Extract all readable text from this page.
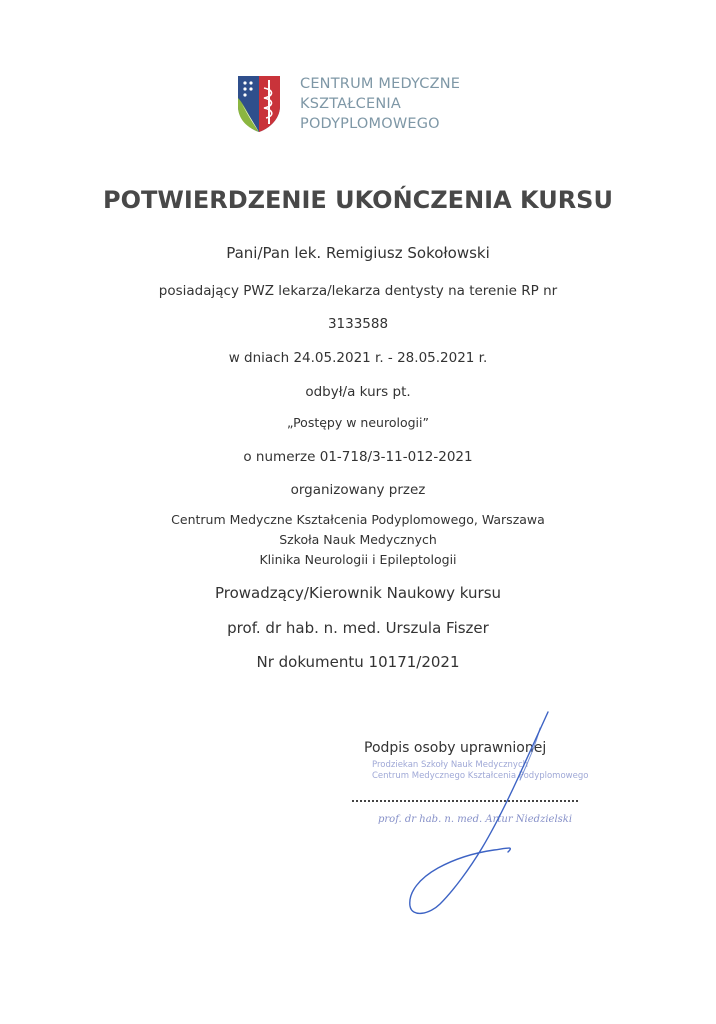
CENTRUM MEDYCZNE
KSZTAŁCENIA
PODYPLOMOWEGO
POTWIERDZENIE UKOŃCZENIA KURSU
Pani/Pan lek. Remigiusz Sokołowski
posiadający PWZ lekarza/lekarza dentysty na terenie RP nr
3133588
w dniach 24.05.2021 r. - 28.05.2021 r.
odbył/a kurs pt.
„Postępy w neurologii”
o numerze 01-718/3-11-012-2021
organizowany przez
Centrum Medyczne Kształcenia Podyplomowego, Warszawa
Szkoła Nauk Medycznych
Klinika Neurologii i Epileptologii
Prowadzący/Kierownik Naukowy kursu
prof. dr hab. n. med. Urszula Fiszer
Nr dokumentu 10171/2021
Podpis osoby uprawnionej
Prodziekan Szkoły Nauk Medycznych
Centrum Medycznego Kształcenia Podyplomowego
prof. dr hab. n. med. Artur Niedzielski
